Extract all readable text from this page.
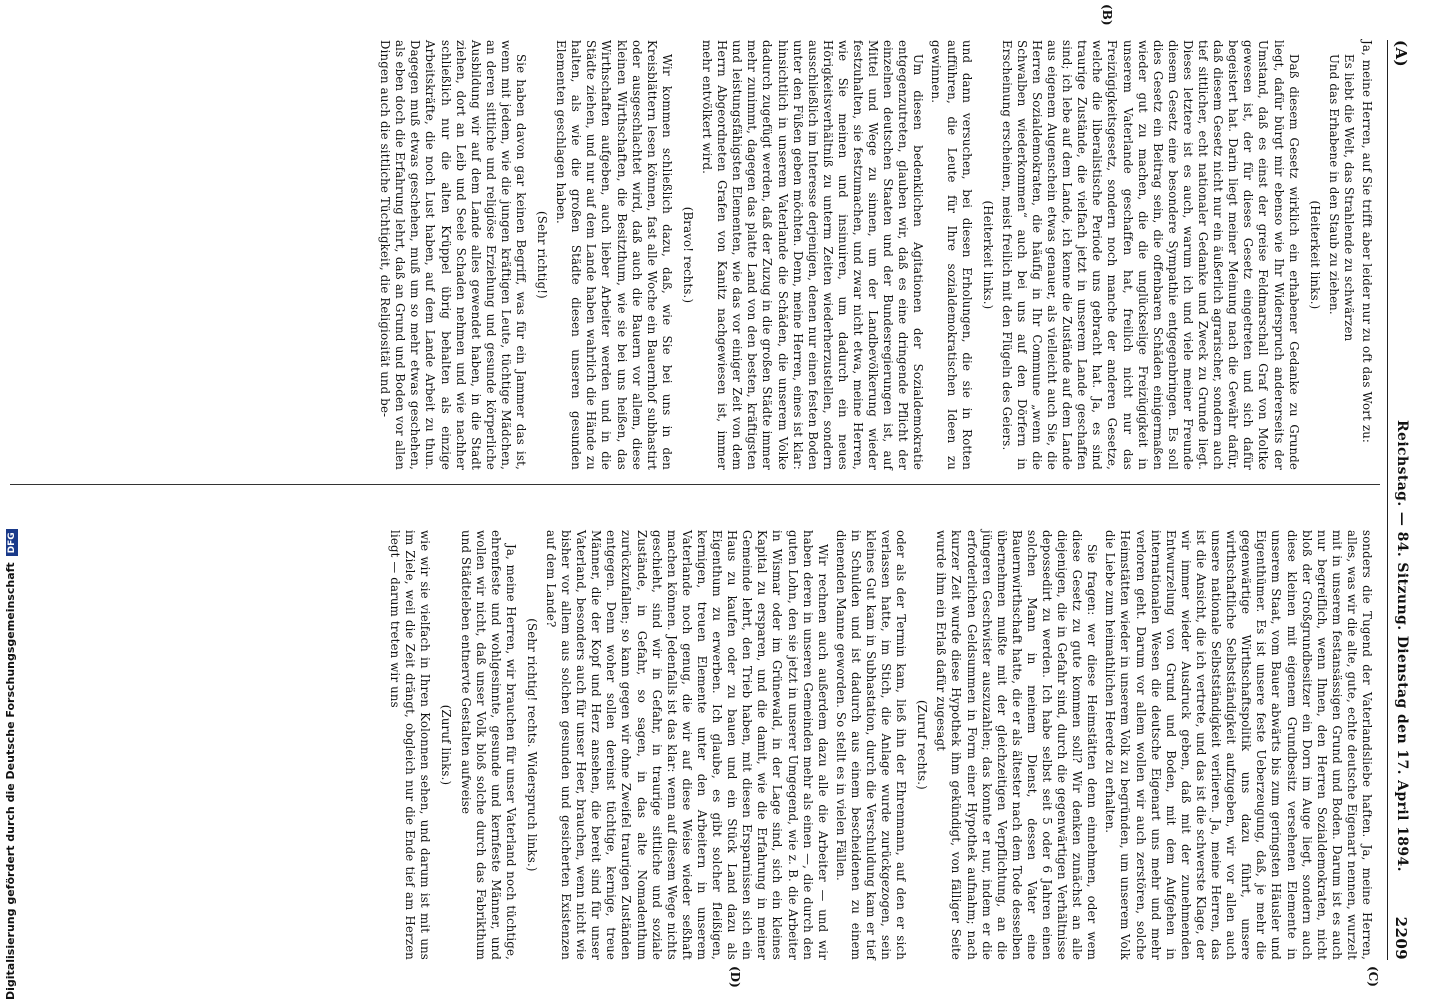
(A)
Reichstag. — 84. Sitzung. Dienstag den 17. April 1894.
2209

Ja, meine Herren, auf Sie trifft aber leider nur zu oft das Wort zu:

Es liebt die Welt, das Strahlende zu schwärzen

Und das Erhabene in den Staub zu ziehen.

(Heiterkeit links.)

Daß diesem Gesetz wirklich ein erhabener Gedanke zu Grunde liegt, dafür bürgt mir ebenso wie Ihr Widerspruch andererseits der Umstand, daß es einst der greise Feldmarschall Graf von Moltke gewesen ist, der für dieses Gesetz eingetreten und sich dafür begeistert hat. Darin liegt meiner Meinung nach die Gewähr dafür, daß diesem Gesetz nicht nur ein äußerlich agrarischer, sondern auch tief sittlicher, echt nationaler Gedanke und Zweck zu Grunde liegt. Dieses letztere ist es auch, warum ich und viele meiner Freunde diesem Gesetz eine besondere Sympathie entgegenbringen. Es soll dies Gesetz ein Beitrag sein, die offenbaren Schäden einigermaßen wieder gut zu machen, die die unglückselige Freizügigkeit in unserem Vaterlande geschaffen hat, freilich nicht nur das Freizügigkeitsgesetz, sondern noch manche der anderen Gesetze, welche die liberalistische Periode uns gebracht hat. Ja, es sind traurige Zustände, die vielfach jetzt in unserem Lande geschaffen sind; ich lebe auf dem Lande, ich kenne die Zustände auf dem Lande aus eigenem Augenschein etwas genauer, als vielleicht auch Sie, die Herren Sozialdemokraten, die häufig in Ihr Commune „wenn die Schwalben wiederkommen“ auch bei uns auf den Dörfern in Erscheinung erscheinen, meist freilich mit den Flügeln des Geiers.

(Heiterkeit links.)

und dann versuchen, bei diesen Erholungen, die sie in Rotten aufführen, die Leute für Ihre sozialdemokratischen Ideen zu gewinnen.

Um diesen bedenklichen Agitationen der Sozialdemokratie entgegenzutreten, glauben wir, daß es eine dringende Pflicht der einzelnen deutschen Staaten und der Bundesregierungen ist, auf Mittel und Wege zu sinnen, um der Landbevölkerung wieder festzuhalten, sie festzumachen, und zwar nicht etwa, meine Herren, wie Sie meinen und insinuiren, um dadurch ein neues Hörigkeitsverhältniß zu unterm Zeiten wiederherzustellen, sondern ausschließlich im Interesse derjenigen, denen nur einen festen Boden unter den Füßen geben möchten. Denn, meine Herren, eines ist klar: hinsichtlich in unserem Vaterlande die Schäden, die unserem Volke dadurch zugefügt werden, daß der Zuzug in die großen Städte immer mehr zunimmt, dagegen das platte Land von den besten, kräftigsten und leistungsfähigsten Elementen, wie das vor einiger Zeit von dem Herrn Abgeordneten Grafen von Kanitz nachgewiesen ist, immer mehr entvölkert wird.

(Bravo! rechts.)

Wir kommen schließlich dazu, daß, wie Sie bei uns in den Kreisblättern lesen können, fast alle Woche ein Bauernhof subhastirt oder ausgeschlachtet wird, daß auch die Bauern vor allem, diese kleinen Wirthschaften, die Besitzthum, wie sie bei uns heißen, das Wirthschaften aufgeben, auch lieber Arbeiter werden und in die Städte ziehen, und nur auf dem Lande haben wahrlich die Hände zu halten, als wie die großen Städte diesen unseren gesunden Elementen geschlagen haben.

(Sehr richtig!)

Sie haben davon gar keinen Begriff, was für ein Jammer das ist, wenn mit jedem, wie die jungen kräftigen Leute, tüchtige Mädchen, an deren sittliche und religiöse Erziehung und gesunde körperliche Ausbildung wir auf dem Lande alles gewendet haben, in die Stadt ziehen, dort an Leib und Seele Schaden nehmen und wie nachher schließlich nur die alten Krüppel übrig behalten als einzige Arbeitskräfte, die noch Lust haben, auf dem Lande Arbeit zu thun. Dagegen muß etwas geschehen, muß um so mehr etwas geschehen, als eben doch die Erfahrung lehrt, daß an Grund und Boden vor allen Dingen auch die sittliche Tüchtigkeit, die Religiosität und be-

sonders die Tugend der Vaterlandsliebe haften. Ja, meine Herren, alles, was wir die alte, gute, echte deutsche Eigenart nennen, wurzelt mit in unserem festansässigen Grund und Boden. Darum ist es auch nur begreiflich, wenn Ihnen, den Herren Sozialdemokraten, nicht bloß der Großgrundbesitzer ein Dorn im Auge liegt, sondern auch diese kleinen mit eigenem Grundbesitz versehenen Elemente in unserem Staat, vom Bauer abwärts bis zum geringsten Häusler und Eigenthümer. Es ist unsere feste Ueberzeugung, daß, je mehr die gegenwärtige Wirthschaftspolitik uns dazu führt, unsere wirthschaftliche Selbstständigkeit aufzugeben, wir vor allen auch unsere nationale Selbstständigkeit verlieren. Ja, meine Herren, das ist die Ansicht, die ich vertrete, und das ist die schwerste Klage, der wir immer wieder Ausdruck geben, daß mit der zunehmenden Entwurzelung von Grund und Boden, mit dem Aufgehen in internationalen Wesen die deutsche Eigenart uns mehr und mehr verloren geht. Darum vor allem wollen wir auch zerstören, solche Heimstätten wieder in unserem Volk zu begründen, um unserem Volk die Liebe zum heimathlichen Heerde zu erhalten.

Sie fragen: wer diese Heimstätten denn einnehmen, oder wem diese Gesetz zu gute kommen soll? Wir denken zunächst an alle diejenigen, die in Gefahr sind, durch die gegenwärtigen Verhältnisse depossedirt zu werden. Ich habe selbst seit 5 oder 6 Jahren einen solchen Mann in meinem Dienst, dessen Vater eine Bauernwirthschaft hatte, die er als ältester nach dem Tode desselben übernehmen mußte mit der gleichzeitigen Verpflichtung, an die jüngeren Geschwister auszuzahlen; das konnte er nur, indem er die erforderlichen Geldsummen in Form einer Hypothek aufnahm; nach kurzer Zeit wurde diese Hypothek ihm gekündigt, von fälliger Seite wurde ihm ein Erlaß dafür zugesagt

(Zuruf rechts.)

oder als der Termin kam, ließ ihn der Ehrenmann, auf den er sich verlassen hatte, im Stich, die Anlage wurde zurückgezogen, sein kleines Gut kam in Subhastation, durch die Verschuldung kam er tief in Schulden und ist dadurch aus einem bescheidenen zu einem dienenden Manne geworden. So stellt es in vielen Fällen.

Wir rechnen auch außerdem dazu alle die Arbeiter — und wir haben deren in unseren Gemeinden mehr als einen —, die durch den guten Lohn, den sie jetzt in unserer Umgegend, wie z. B. die Arbeiter in Wismar oder im Grünewald, in der Lage sind, sich ein kleines Kapital zu ersparen, und die damit, wie die Erfahrung in meiner Gemeinde lehrt, den Trieb haben, mit diesen Ersparnissen sich ein Haus zu kaufen oder zu bauen und ein Stück Land dazu als Eigenthum zu erwerben. Ich glaube, es gibt solcher fleißigen, kernigen, treuen Elemente unter den Arbeitern in unserem Vaterlande noch genug, die wir auf diese Weise wieder seßhaft machen können. Jedenfalls ist das klar: wenn auf diesem Wege nichts geschieht, sind wir in Gefahr, in traurige sittliche und soziale Zustände, in Gefahr, so sagen, in das alte Nomadenthum zurückzufallen; so kann gegen wir ohne Zweifel traurigen Zuständen entgegen. Denn woher sollen dereinst tüchtige, kernige, treue Männer, die der Kopf und Herz ansehen, die bereit sind für unser Vaterland, besonders auch für unser Heer, brauchen, wenn nicht wie bisher vor allem aus solchen gesunden und gesicherten Existenzen auf dem Lande?

(Sehr richtig! rechts. Widerspruch links.)

Ja, meine Herren, wir brauchen für unser Vaterland noch tüchtige, ehrenfeste und wohlgesinnte, gesunde und kernfeste Männer, und wollen wir nicht, daß unser Volk bloß solche durch das Fabrikthum und Städteleben entnervte Gestalten aufweise

(Zuruf links.)

wie wir sie vielfach in Ihren Kolonnen sehen, und darum ist mit uns im Ziele, weil die Zeit drängt, obgleich nur die Ende tief am Herzen liegt — darum treten wir uns

(B)
(C)
(D)
Digitalisierung gefördert durch die Deutsche ForschungsgemeinschaftDFG
